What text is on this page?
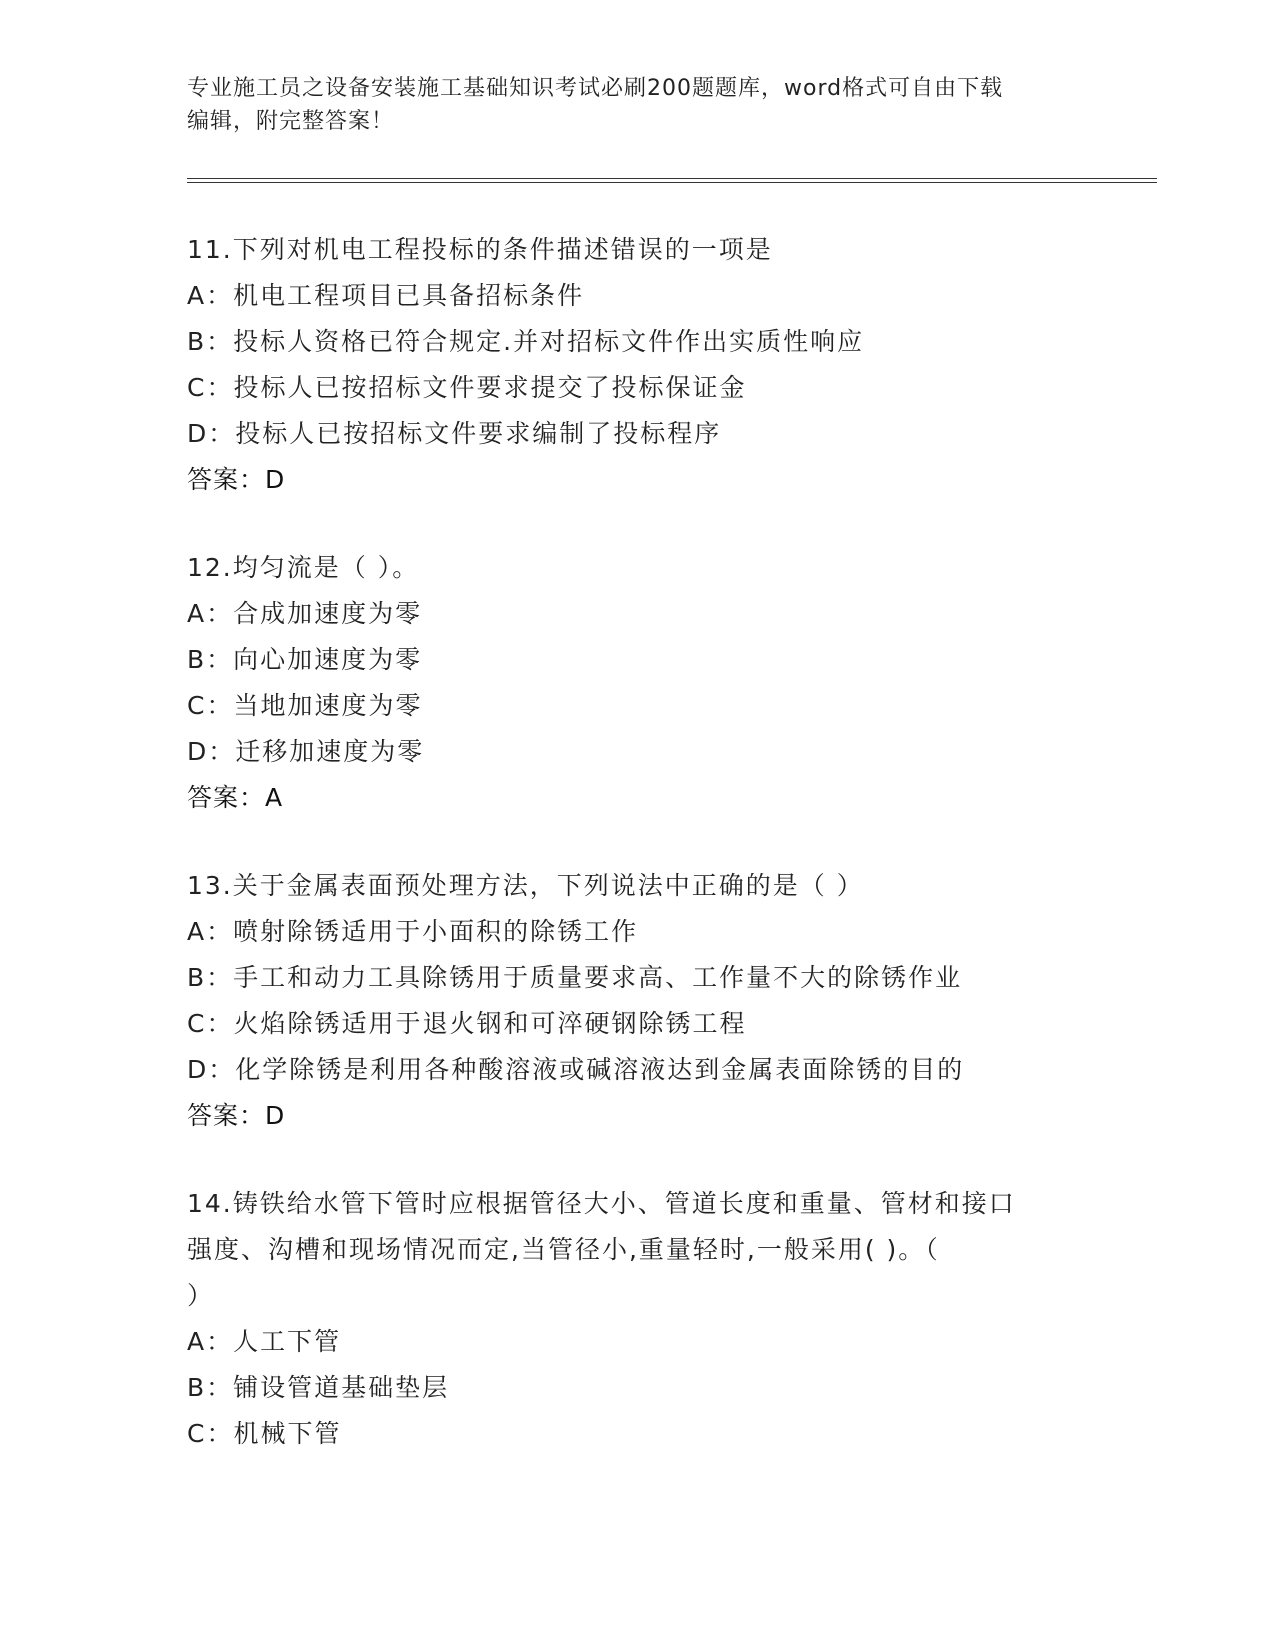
专业施工员之设备安装施工基础知识考试必刷200题题库，word格式可自由下载
编辑，附完整答案！
11.下列对机电工程投标的条件描述错误的一项是
A：机电工程项目已具备招标条件
B：投标人资格已符合规定.并对招标文件作出实质性响应
C：投标人已按招标文件要求提交了投标保证金
D：投标人已按招标文件要求编制了投标程序
答案：D
12.均匀流是（ ）。
A：合成加速度为零
B：向心加速度为零
C：当地加速度为零
D：迁移加速度为零
答案：A
13.关于金属表面预处理方法，下列说法中正确的是（ ）
A：喷射除锈适用于小面积的除锈工作
B：手工和动力工具除锈用于质量要求高、工作量不大的除锈作业
C：火焰除锈适用于退火钢和可淬硬钢除锈工程
D：化学除锈是利用各种酸溶液或碱溶液达到金属表面除锈的目的
答案：D
14.铸铁给水管下管时应根据管径大小、管道长度和重量、管材和接口
强度、沟槽和现场情况而定,当管径小,重量轻时,一般采用( )。（
）
A：人工下管
B：铺设管道基础垫层
C：机械下管
